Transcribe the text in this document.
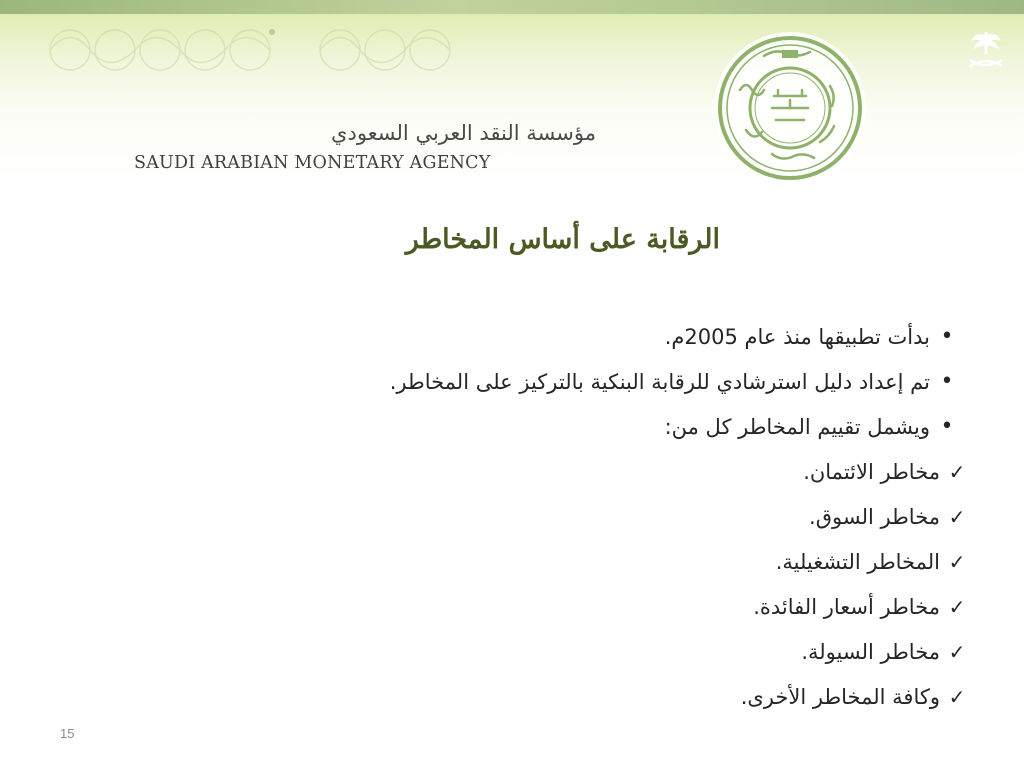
مؤسسة النقد العربي السعودي
SAUDI ARABIAN MONETARY AGENCY
الرقابة على أساس المخاطر
•
بدأت تطبيقها منذ عام 2005م.
•
تم إعداد دليل استرشادي للرقابة البنكية بالتركيز على المخاطر.
•
ويشمل تقييم المخاطر كل من:
✓
مخاطر الائتمان.
✓
مخاطر السوق.
✓
المخاطر التشغيلية.
✓
مخاطر أسعار الفائدة.
✓
مخاطر السيولة.
✓
وكافة المخاطر الأخرى.
15
